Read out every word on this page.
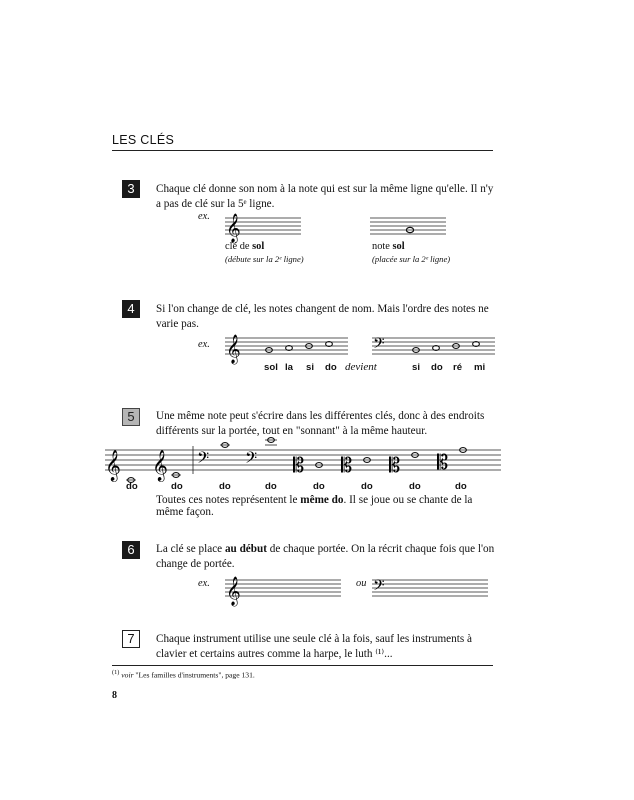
LES CLÉS
3	Chaque clé donne son nom à la note qui est sur la même ligne qu'elle. Il n'y a pas de clé sur la 5ᵉ ligne.
ex. 𝄞
clé de sol
(débute sur la 2ᵉ ligne)
note sol
(placée sur la 2ᵉ ligne)
4	Si l'on change de clé, les notes changent de nom. Mais l'ordre des notes ne varie pas.
ex. 𝄞	𝄢
sol la si do devient	si do ré mi
5	Une même note peut s'écrire dans les différentes clés, donc à des endroits différents sur la portée, tout en "sonnant" à la même hauteur.
𝄞 𝄞 𝄢 𝄢 𝄡 𝄡 𝄡 𝄡
do	do	do	do	do	do	do	do
Toutes ces notes représentent le même do. Il se joue ou se chante de la même façon.
6	La clé se place au début de chaque portée. On la récrit chaque fois que l'on change de portée.
ex. 𝄞	ou 𝄢
7	Chaque instrument utilise une seule clé à la fois, sauf les instruments à clavier et certains autres comme la harpe, le luth ⁽¹⁾...
$^{(1)}$ voir "Les familles d'instruments", page 131.
8
